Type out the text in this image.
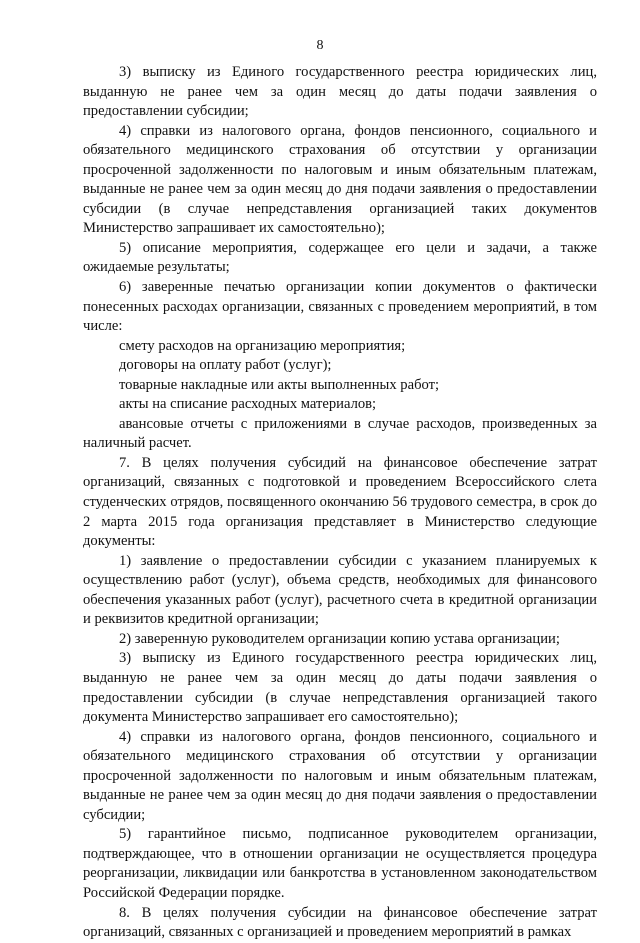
8

3) выписку из Единого государственного реестра юридических лиц, выданную не ранее чем за один месяц до даты подачи заявления о предоставлении субсидии;

4) справки из налогового органа, фондов пенсионного, социального и обязательного медицинского страхования об отсутствии у организации просроченной задолженности по налоговым и иным обязательным платежам, выданные не ранее чем за один месяц до дня подачи заявления о предоставлении субсидии (в случае непредставления организацией таких документов Министерство запрашивает их самостоятельно);

5) описание мероприятия, содержащее его цели и задачи, а также ожидаемые результаты;

6) заверенные печатью организации копии документов о фактически понесенных расходах организации, связанных с проведением мероприятий, в том числе:

смету расходов на организацию мероприятия;

договоры на оплату работ (услуг);

товарные накладные или акты выполненных работ;

акты на списание расходных материалов;

авансовые отчеты с приложениями в случае расходов, произведенных за наличный расчет.

7. В целях получения субсидий на финансовое обеспечение затрат организаций, связанных с подготовкой и проведением Всероссийского слета студенческих отрядов, посвященного окончанию 56 трудового семестра, в срок до 2 марта 2015 года организация представляет в Министерство следующие документы:

1) заявление о предоставлении субсидии с указанием планируемых к осуществлению работ (услуг), объема средств, необходимых для финансового обеспечения указанных работ (услуг), расчетного счета в кредитной организации и реквизитов кредитной организации;

2) заверенную руководителем организации копию устава организации;

3) выписку из Единого государственного реестра юридических лиц, выданную не ранее чем за один месяц до даты подачи заявления о предоставлении субсидии (в случае непредставления организацией такого документа Министерство запрашивает его самостоятельно);

4) справки из налогового органа, фондов пенсионного, социального и обязательного медицинского страхования об отсутствии у организации просроченной задолженности по налоговым и иным обязательным платежам, выданные не ранее чем за один месяц до дня подачи заявления о предоставлении субсидии;

5) гарантийное письмо, подписанное руководителем организации, подтверждающее, что в отношении организации не осуществляется процедура реорганизации, ликвидации или банкротства в установленном законодательством Российской Федерации порядке.

8. В целях получения субсидии на финансовое обеспечение затрат организаций, связанных с организацией и проведением мероприятий в рамках
